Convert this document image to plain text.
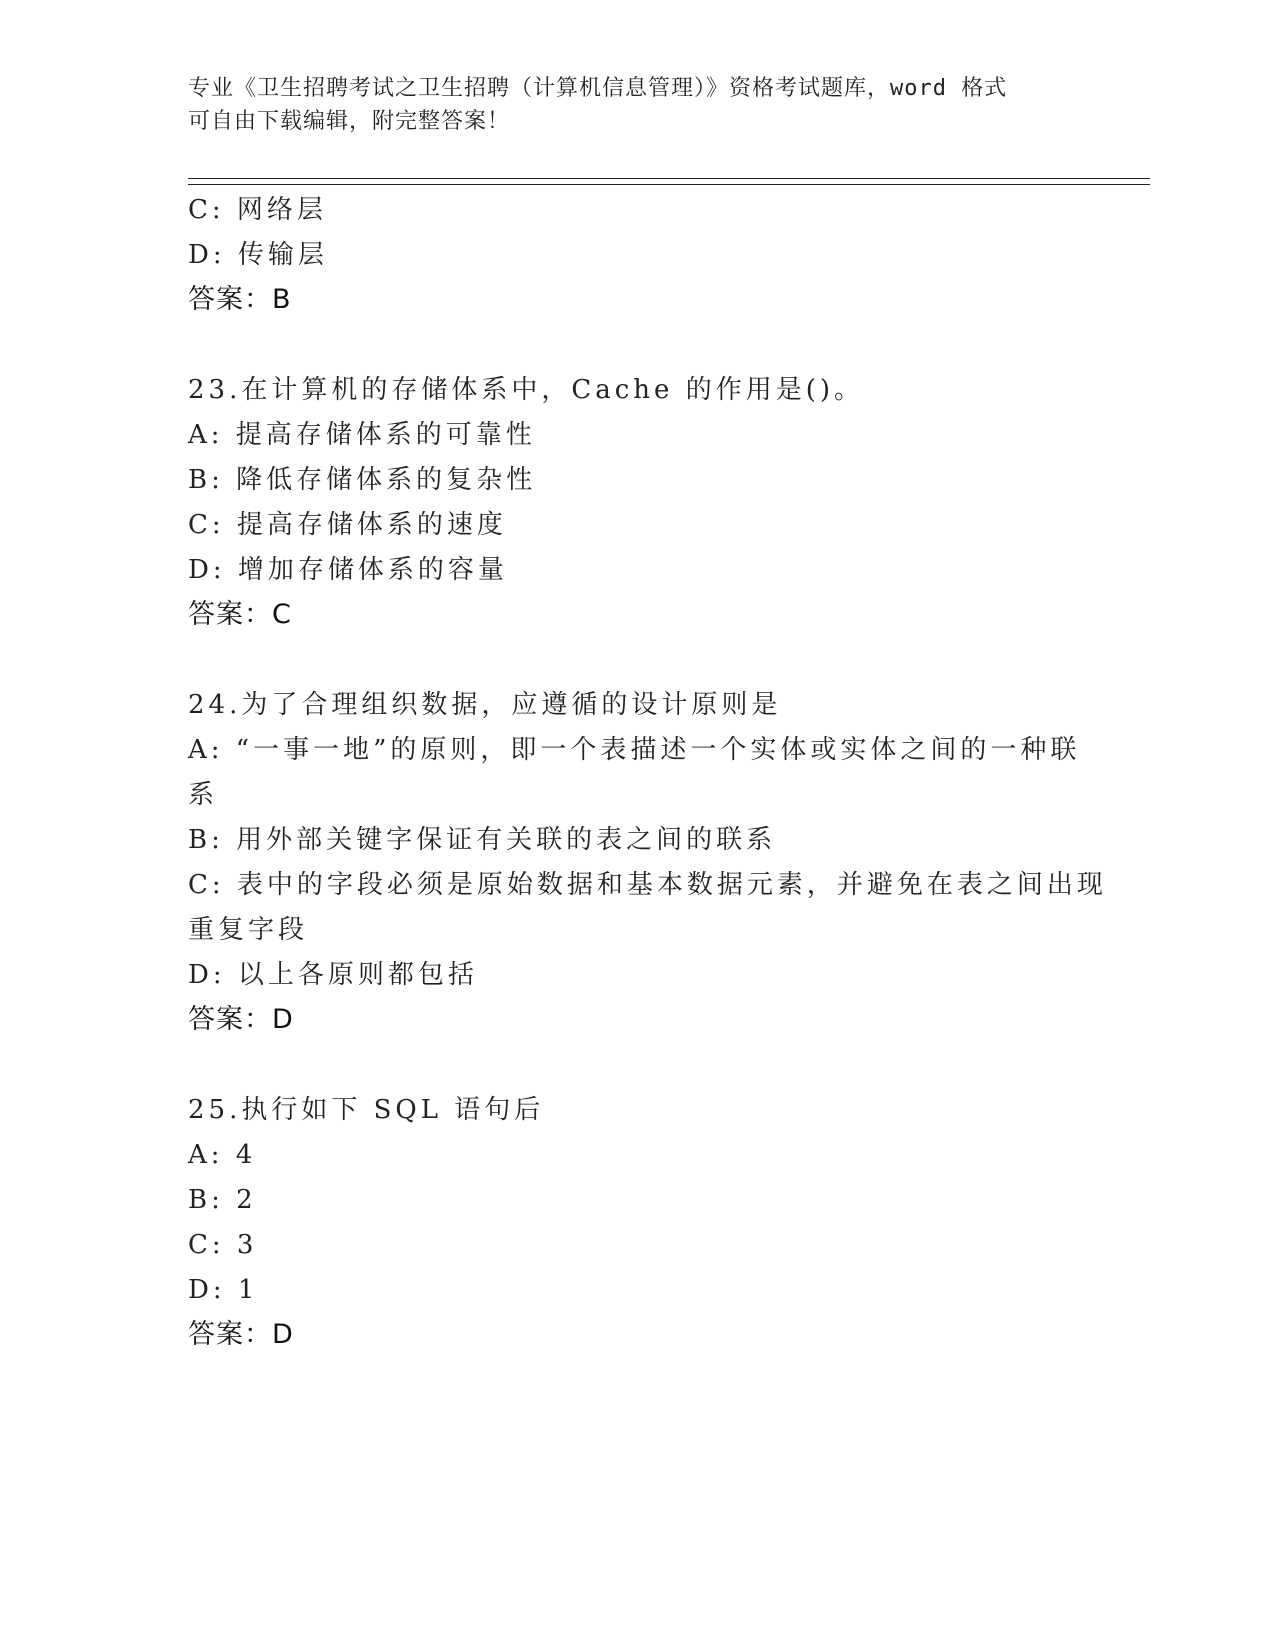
专业《卫生招聘考试之卫生招聘（计算机信息管理）》资格考试题库，word 格式
可自由下载编辑，附完整答案！
C: 网络层
D: 传输层
答案：B
23.在计算机的存储体系中，Cache 的作用是()。
A: 提高存储体系的可靠性
B: 降低存储体系的复杂性
C: 提高存储体系的速度
D: 增加存储体系的容量
答案：C
24.为了合理组织数据，应遵循的设计原则是
A: “一事一地”的原则，即一个表描述一个实体或实体之间的一种联
系
B: 用外部关键字保证有关联的表之间的联系
C: 表中的字段必须是原始数据和基本数据元素，并避免在表之间出现
重复字段
D: 以上各原则都包括
答案：D
25.执行如下 SQL 语句后
A: 4
B: 2
C: 3
D: 1
答案：D
